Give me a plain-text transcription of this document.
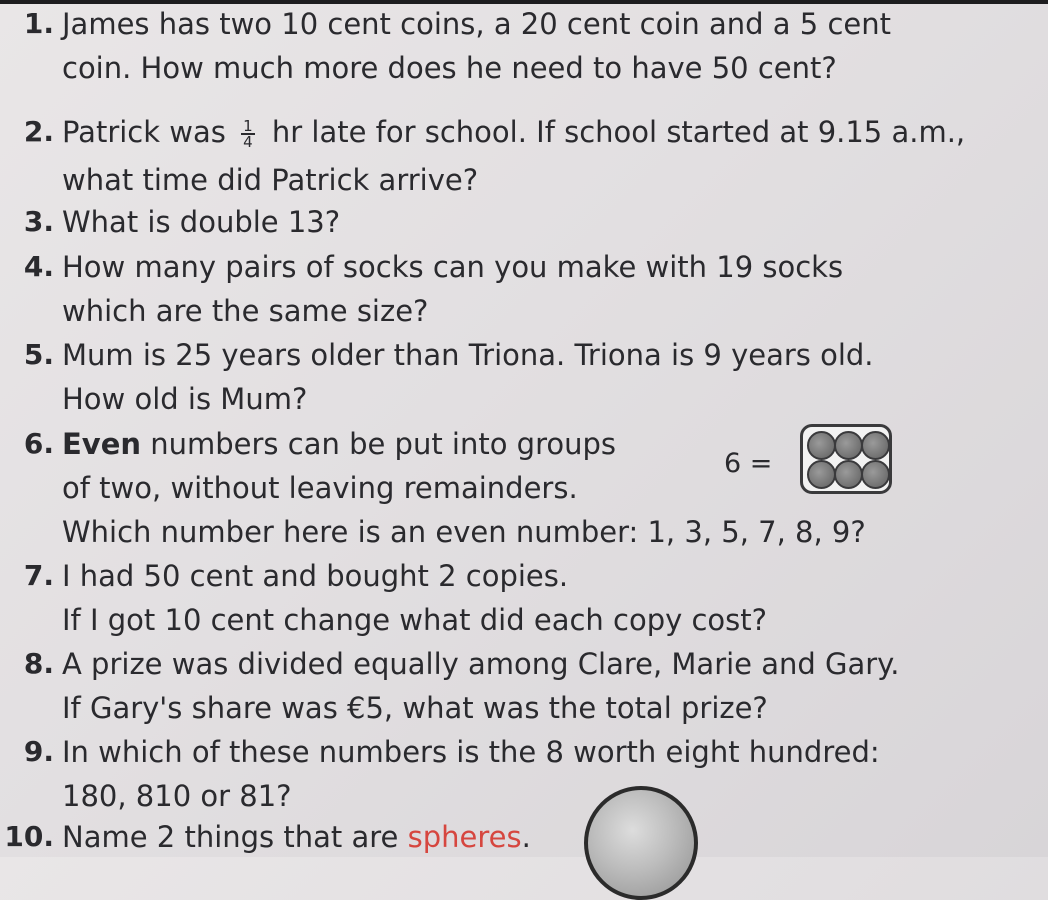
1. James has two 10 cent coins, a 20 cent coin and a 5 cent
coin. How much more does he need to have 50 cent?
2. Patrick was $\frac{1}{4}$ hr late for school. If school started at 9.15 a.m.,
what time did Patrick arrive?
3. What is double 13?
4. How many pairs of socks can you make with 19 socks
which are the same size?
5. Mum is 25 years older than Triona. Triona is 9 years old.
How old is Mum?
6. Even numbers can be put into groups
of two, without leaving remainders.
Which number here is an even number: 1, 3, 5, 7, 8, 9?
6 =
7. I had 50 cent and bought 2 copies.
If I got 10 cent change what did each copy cost?
8. A prize was divided equally among Clare, Marie and Gary.
If Gary's share was €5, what was the total prize?
9. In which of these numbers is the 8 worth eight hundred:
180, 810 or 81?
10. Name 2 things that are spheres.
